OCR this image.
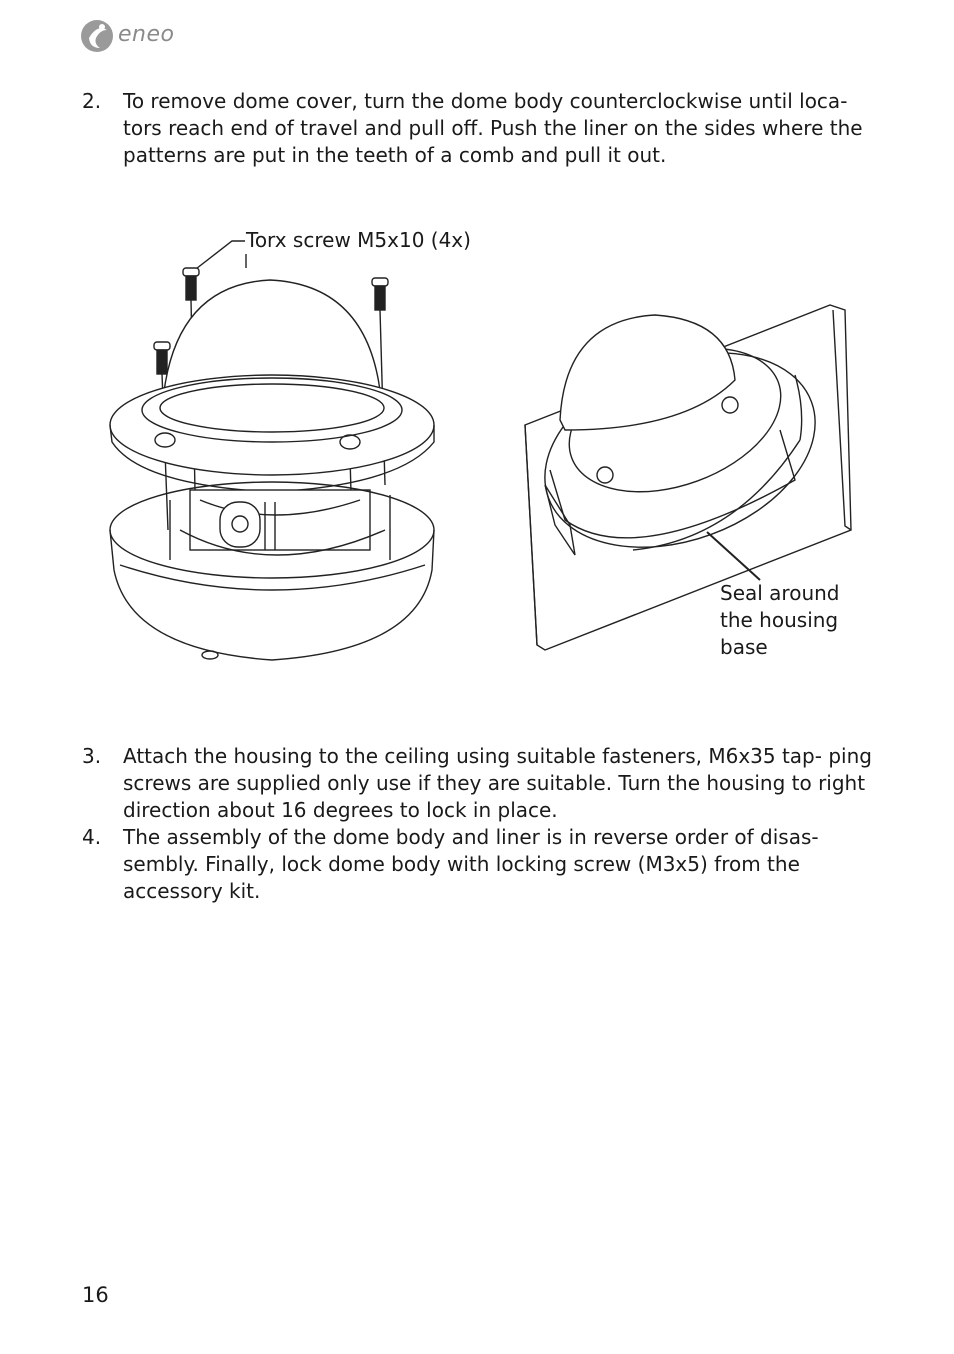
eneo
2. To remove dome cover, turn the dome body counterclockwise until loca- tors reach end of travel and pull off. Push the liner on the sides where the patterns are put in the teeth of a comb and pull it out.
Torx screw M5x10 (4x)
Seal around
the housing
base
3. Attach the housing to the ceiling using suitable fasteners, M6x35 tap- ping screws are supplied only use if they are suitable. Turn the housing to right direction about 16 degrees to lock in place.
4. The assembly of the dome body and liner is in reverse order of disas- sembly. Finally, lock dome body with locking screw (M3x5) from the accessory kit.
16
